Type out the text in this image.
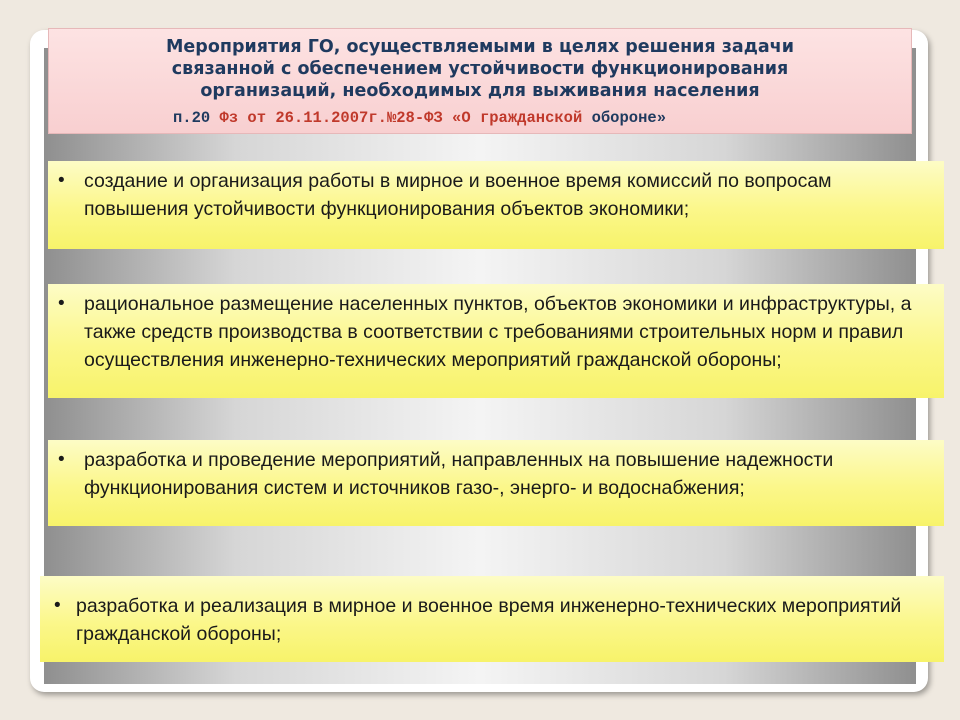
Мероприятия ГО, осуществляемыми в целях решения задачи
связанной с обеспечением устойчивости функционирования
организаций, необходимых для выживания населения
п.20 Фз от 26.11.2007г.№28-ФЗ «О гражданской обороне»
• создание и организация работы в мирное и военное время комиссий по вопросам повышения устойчивости функционирования объектов экономики;
• рациональное размещение населенных пунктов, объектов экономики и инфраструктуры, а также средств производства в соответствии с требованиями строительных норм и правил осуществления инженерно-технических мероприятий гражданской обороны;
• разработка и проведение мероприятий, направленных на повышение надежности функционирования систем и источников газо-, энерго- и водоснабжения;
• разработка и реализация в мирное и военное время инженерно-технических мероприятий гражданской обороны;
